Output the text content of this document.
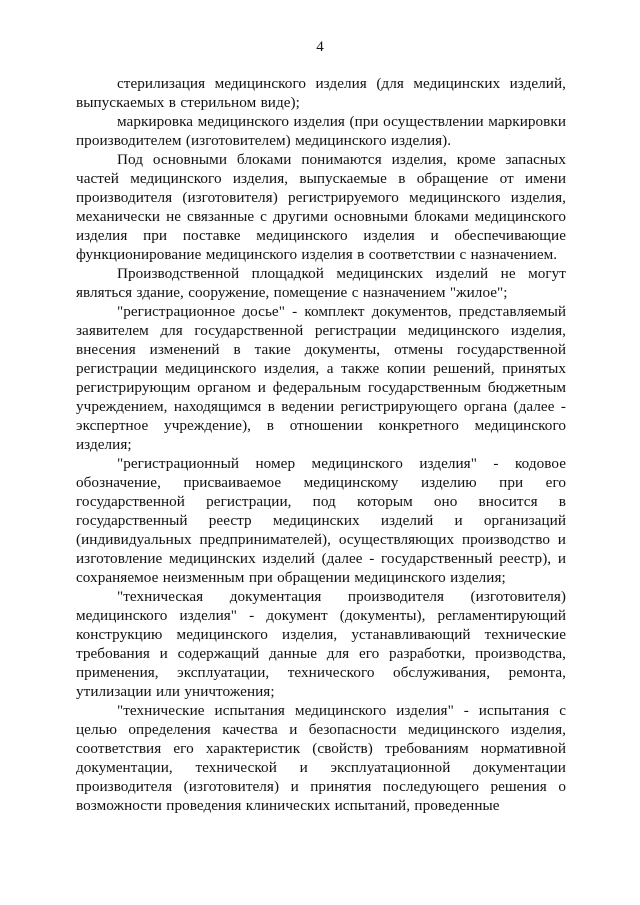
4

стерилизация медицинского изделия (для медицинских изделий, выпускаемых в стерильном виде);

маркировка медицинского изделия (при осуществлении маркировки производителем (изготовителем) медицинского изделия).

Под основными блоками понимаются изделия, кроме запасных частей медицинского изделия, выпускаемые в обращение от имени производителя (изготовителя) регистрируемого медицинского изделия, механически не связанные с другими основными блоками медицинского изделия при поставке медицинского изделия и обеспечивающие функционирование медицинского изделия в соответствии с назначением.

Производственной площадкой медицинских изделий не могут являться здание, сооружение, помещение с назначением "жилое";

"регистрационное досье" - комплект документов, представляемый заявителем для государственной регистрации медицинского изделия, внесения изменений в такие документы, отмены государственной регистрации медицинского изделия, а также копии решений, принятых регистрирующим органом и федеральным государственным бюджетным учреждением, находящимся в ведении регистрирующего органа (далее - экспертное учреждение), в отношении конкретного медицинского изделия;

"регистрационный номер медицинского изделия" - кодовое обозначение, присваиваемое медицинскому изделию при его государственной регистрации, под которым оно вносится в государственный реестр медицинских изделий и организаций (индивидуальных предпринимателей), осуществляющих производство и изготовление медицинских изделий (далее - государственный реестр), и сохраняемое неизменным при обращении медицинского изделия;

"техническая документация производителя (изготовителя) медицинского изделия" - документ (документы), регламентирующий конструкцию медицинского изделия, устанавливающий технические требования и содержащий данные для его разработки, производства, применения, эксплуатации, технического обслуживания, ремонта, утилизации или уничтожения;

"технические испытания медицинского изделия" - испытания с целью определения качества и безопасности медицинского изделия, соответствия его характеристик (свойств) требованиям нормативной документации, технической и эксплуатационной документации производителя (изготовителя) и принятия последующего решения о возможности проведения клинических испытаний, проведенные
